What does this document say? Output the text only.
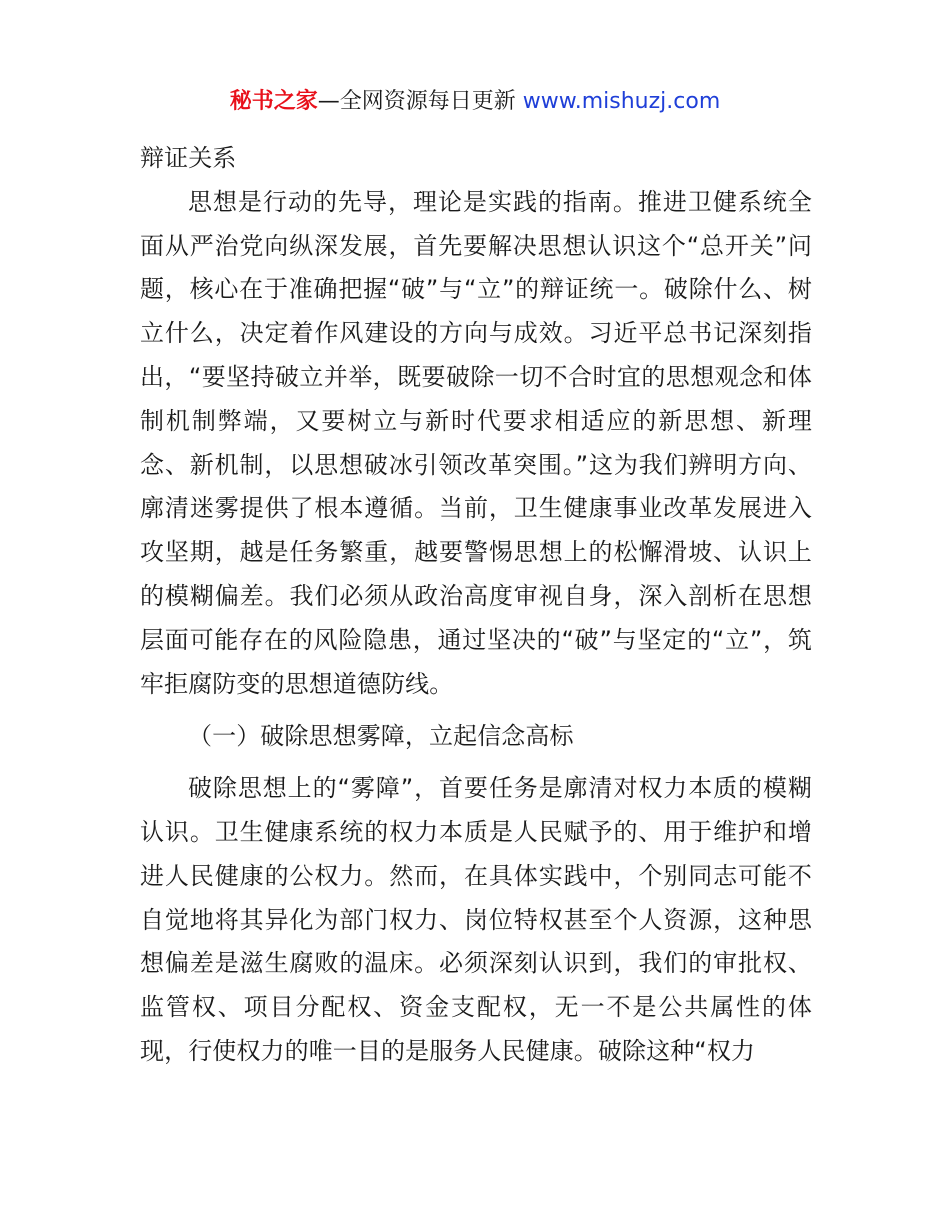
秘书之家—全网资源每日更新 www.mishuzj.com

辩证关系

思想是行动的先导，理论是实践的指南。推进卫健系统全面从严治党向纵深发展，首先要解决思想认识这个“总开关”问题，核心在于准确把握“破”与“立”的辩证统一。破除什么、树立什么，决定着作风建设的方向与成效。习近平总书记深刻指出，“要坚持破立并举，既要破除一切不合时宜的思想观念和体制机制弊端，又要树立与新时代要求相适应的新思想、新理念、新机制，以思想破冰引领改革突围。”这为我们辨明方向、廓清迷雾提供了根本遵循。当前，卫生健康事业改革发展进入攻坚期，越是任务繁重，越要警惕思想上的松懈滑坡、认识上的模糊偏差。我们必须从政治高度审视自身，深入剖析在思想层面可能存在的风险隐患，通过坚决的“破”与坚定的“立”，筑牢拒腐防变的思想道德防线。

（一）破除思想雾障，立起信念高标

破除思想上的“雾障”，首要任务是廓清对权力本质的模糊认识。卫生健康系统的权力本质是人民赋予的、用于维护和增进人民健康的公权力。然而，在具体实践中，个别同志可能不自觉地将其异化为部门权力、岗位特权甚至个人资源，这种思想偏差是滋生腐败的温床。必须深刻认识到，我们的审批权、监管权、项目分配权、资金支配权，无一不是公共属性的体现，行使权力的唯一目的是服务人民健康。破除这种“权力
